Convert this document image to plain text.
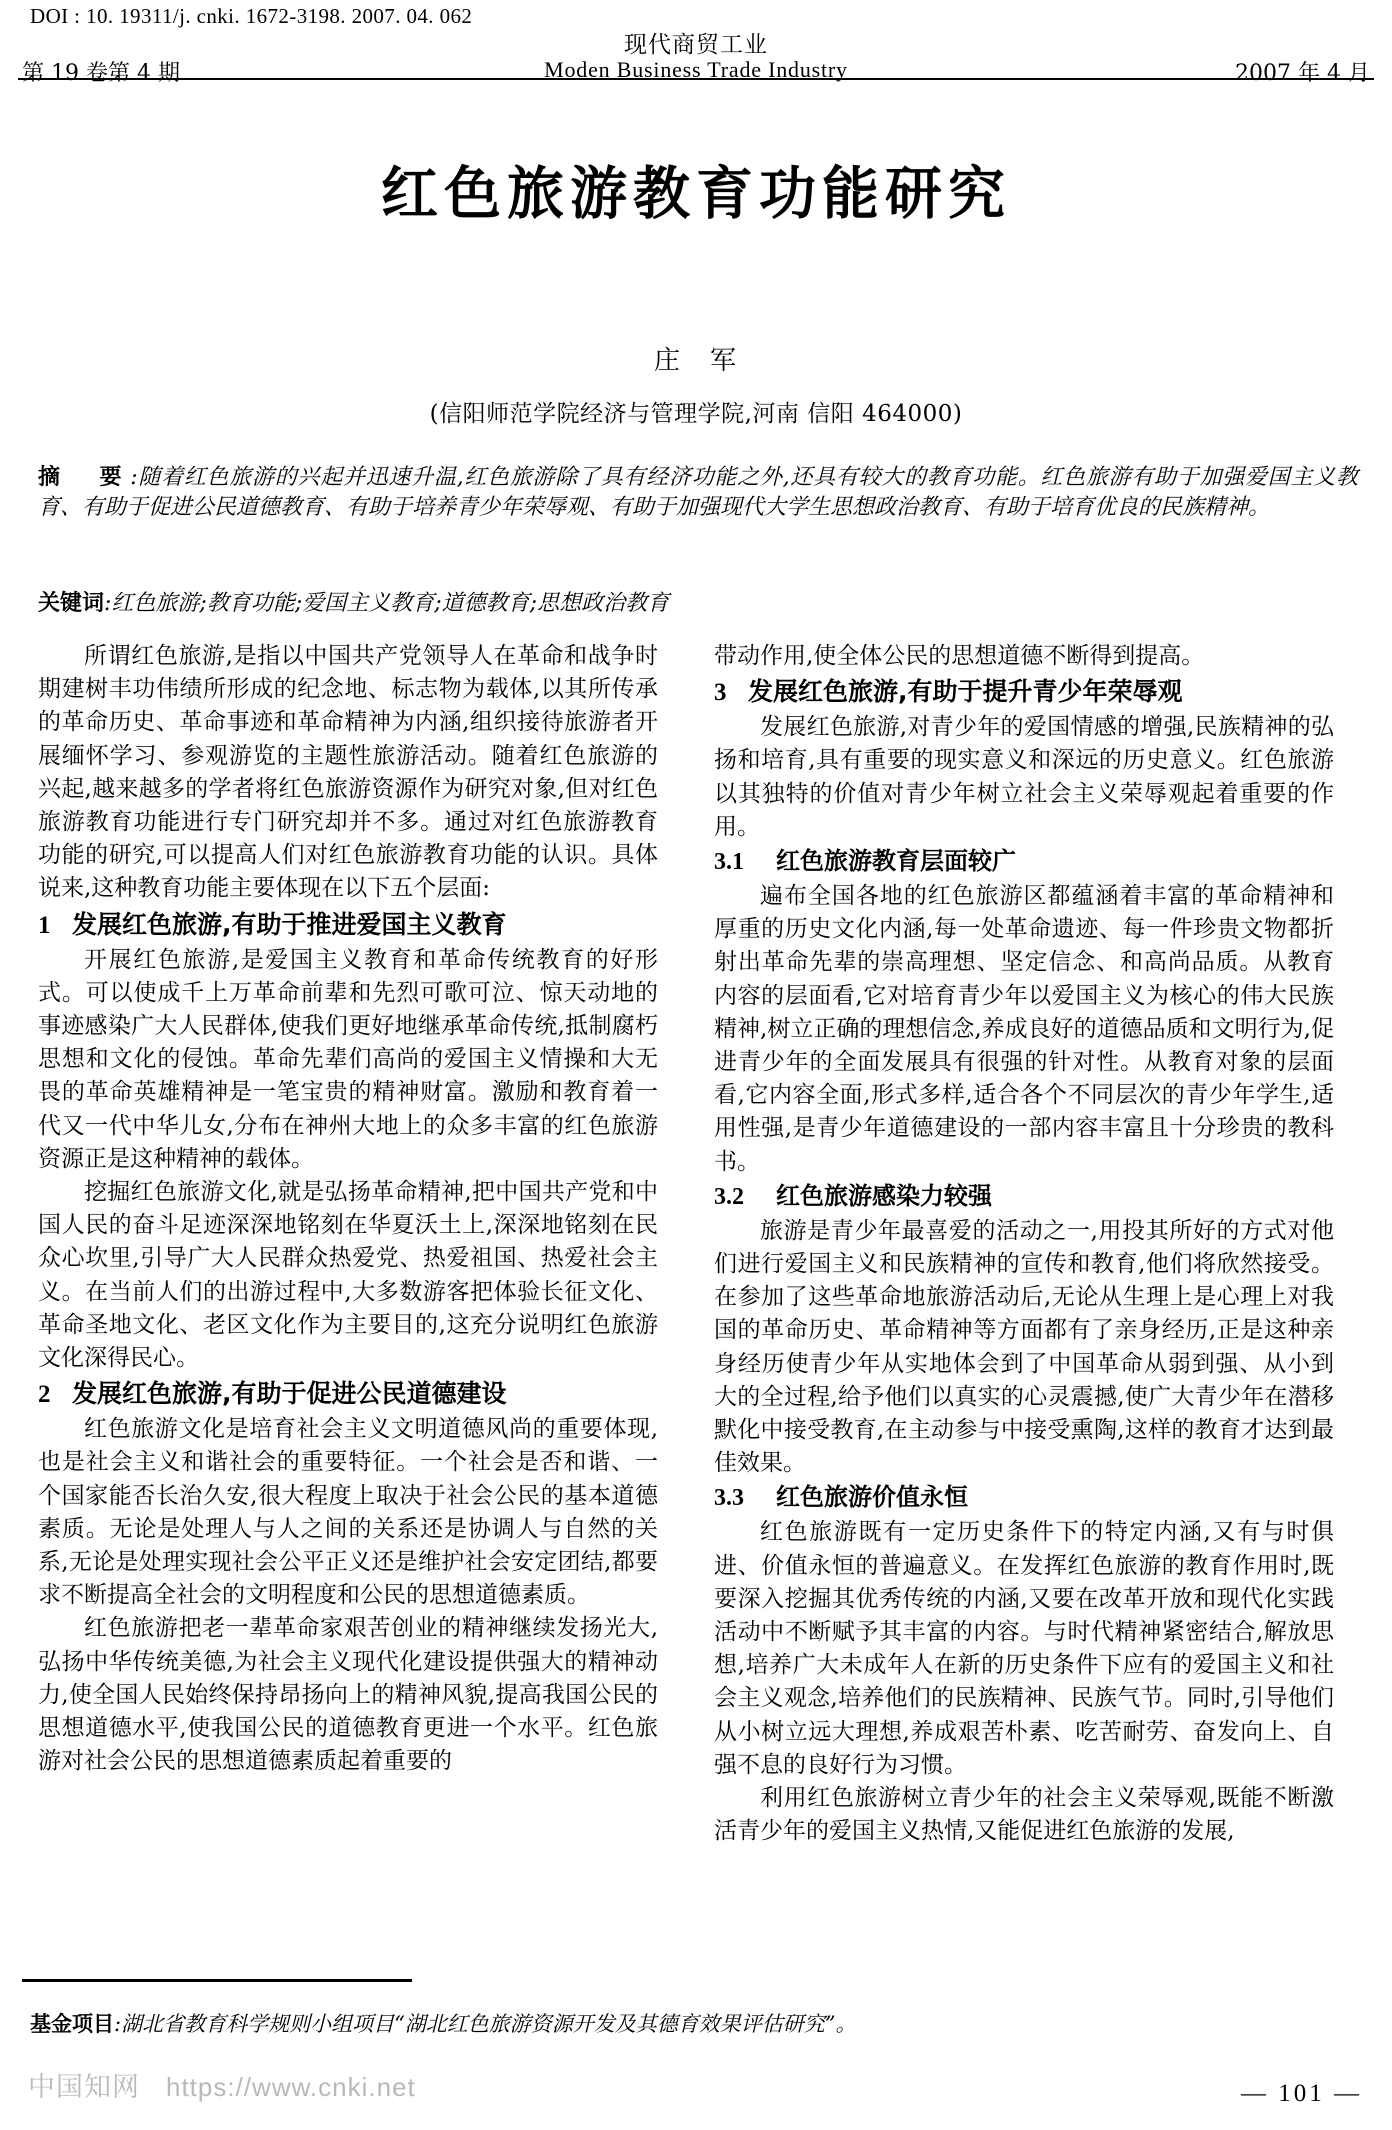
DOI : 10. 19311/j. cnki. 1672-3198. 2007. 04. 062
现代商贸工业
Moden Business Trade Industry
第 19 卷第 4 期	2007 年 4 月
红色旅游教育功能研究
庄　军
(信阳师范学院经济与管理学院,河南 信阳 464000)
摘　要:随着红色旅游的兴起并迅速升温,红色旅游除了具有经济功能之外,还具有较大的教育功能。红色旅游有助于加强爱国主义教育、有助于促进公民道德教育、有助于培养青少年荣辱观、有助于加强现代大学生思想政治教育、有助于培育优良的民族精神。
关键词:红色旅游;教育功能;爱国主义教育;道德教育;思想政治教育

所谓红色旅游,是指以中国共产党领导人在革命和战争时期建树丰功伟绩所形成的纪念地、标志物为载体,以其所传承的革命历史、革命事迹和革命精神为内涵,组织接待旅游者开展缅怀学习、参观游览的主题性旅游活动。随着红色旅游的兴起,越来越多的学者将红色旅游资源作为研究对象,但对红色旅游教育功能进行专门研究却并不多。通过对红色旅游教育功能的研究,可以提高人们对红色旅游教育功能的认识。具体说来,这种教育功能主要体现在以下五个层面:

1 发展红色旅游,有助于推进爱国主义教育

开展红色旅游,是爱国主义教育和革命传统教育的好形式。可以使成千上万革命前辈和先烈可歌可泣、惊天动地的事迹感染广大人民群体,使我们更好地继承革命传统,抵制腐朽思想和文化的侵蚀。革命先辈们高尚的爱国主义情操和大无畏的革命英雄精神是一笔宝贵的精神财富。激励和教育着一代又一代中华儿女,分布在神州大地上的众多丰富的红色旅游资源正是这种精神的载体。

挖掘红色旅游文化,就是弘扬革命精神,把中国共产党和中国人民的奋斗足迹深深地铭刻在华夏沃土上,深深地铭刻在民众心坎里,引导广大人民群众热爱党、热爱祖国、热爱社会主义。在当前人们的出游过程中,大多数游客把体验长征文化、革命圣地文化、老区文化作为主要目的,这充分说明红色旅游文化深得民心。

2 发展红色旅游,有助于促进公民道德建设

红色旅游文化是培育社会主义文明道德风尚的重要体现,也是社会主义和谐社会的重要特征。一个社会是否和谐、一个国家能否长治久安,很大程度上取决于社会公民的基本道德素质。无论是处理人与人之间的关系还是协调人与自然的关系,无论是处理实现社会公平正义还是维护社会安定团结,都要求不断提高全社会的文明程度和公民的思想道德素质。

红色旅游把老一辈革命家艰苦创业的精神继续发扬光大,弘扬中华传统美德,为社会主义现代化建设提供强大的精神动力,使全国人民始终保持昂扬向上的精神风貌,提高我国公民的思想道德水平,使我国公民的道德教育更进一个水平。红色旅游对社会公民的思想道德素质起着重要的

带动作用,使全体公民的思想道德不断得到提高。

3 发展红色旅游,有助于提升青少年荣辱观

发展红色旅游,对青少年的爱国情感的增强,民族精神的弘扬和培育,具有重要的现实意义和深远的历史意义。红色旅游以其独特的价值对青少年树立社会主义荣辱观起着重要的作用。

3.1	红色旅游教育层面较广

遍布全国各地的红色旅游区都蕴涵着丰富的革命精神和厚重的历史文化内涵,每一处革命遗迹、每一件珍贵文物都折射出革命先辈的崇高理想、坚定信念、和高尚品质。从教育内容的层面看,它对培育青少年以爱国主义为核心的伟大民族精神,树立正确的理想信念,养成良好的道德品质和文明行为,促进青少年的全面发展具有很强的针对性。从教育对象的层面看,它内容全面,形式多样,适合各个不同层次的青少年学生,适用性强,是青少年道德建设的一部内容丰富且十分珍贵的教科书。

3.2	红色旅游感染力较强

旅游是青少年最喜爱的活动之一,用投其所好的方式对他们进行爱国主义和民族精神的宣传和教育,他们将欣然接受。在参加了这些革命地旅游活动后,无论从生理上是心理上对我国的革命历史、革命精神等方面都有了亲身经历,正是这种亲身经历使青少年从实地体会到了中国革命从弱到强、从小到大的全过程,给予他们以真实的心灵震撼,使广大青少年在潜移默化中接受教育,在主动参与中接受熏陶,这样的教育才达到最佳效果。

3.3	红色旅游价值永恒

红色旅游既有一定历史条件下的特定内涵,又有与时俱进、价值永恒的普遍意义。在发挥红色旅游的教育作用时,既要深入挖掘其优秀传统的内涵,又要在改革开放和现代化实践活动中不断赋予其丰富的内容。与时代精神紧密结合,解放思想,培养广大未成年人在新的历史条件下应有的爱国主义和社会主义观念,培养他们的民族精神、民族气节。同时,引导他们从小树立远大理想,养成艰苦朴素、吃苦耐劳、奋发向上、自强不息的良好行为习惯。

利用红色旅游树立青少年的社会主义荣辱观,既能不断激活青少年的爱国主义热情,又能促进红色旅游的发展,

基金项目:湖北省教育科学规则小组项目“湖北红色旅游资源开发及其德育效果评估研究”。
中国知网 https://www.cnki.net	— 101 —
